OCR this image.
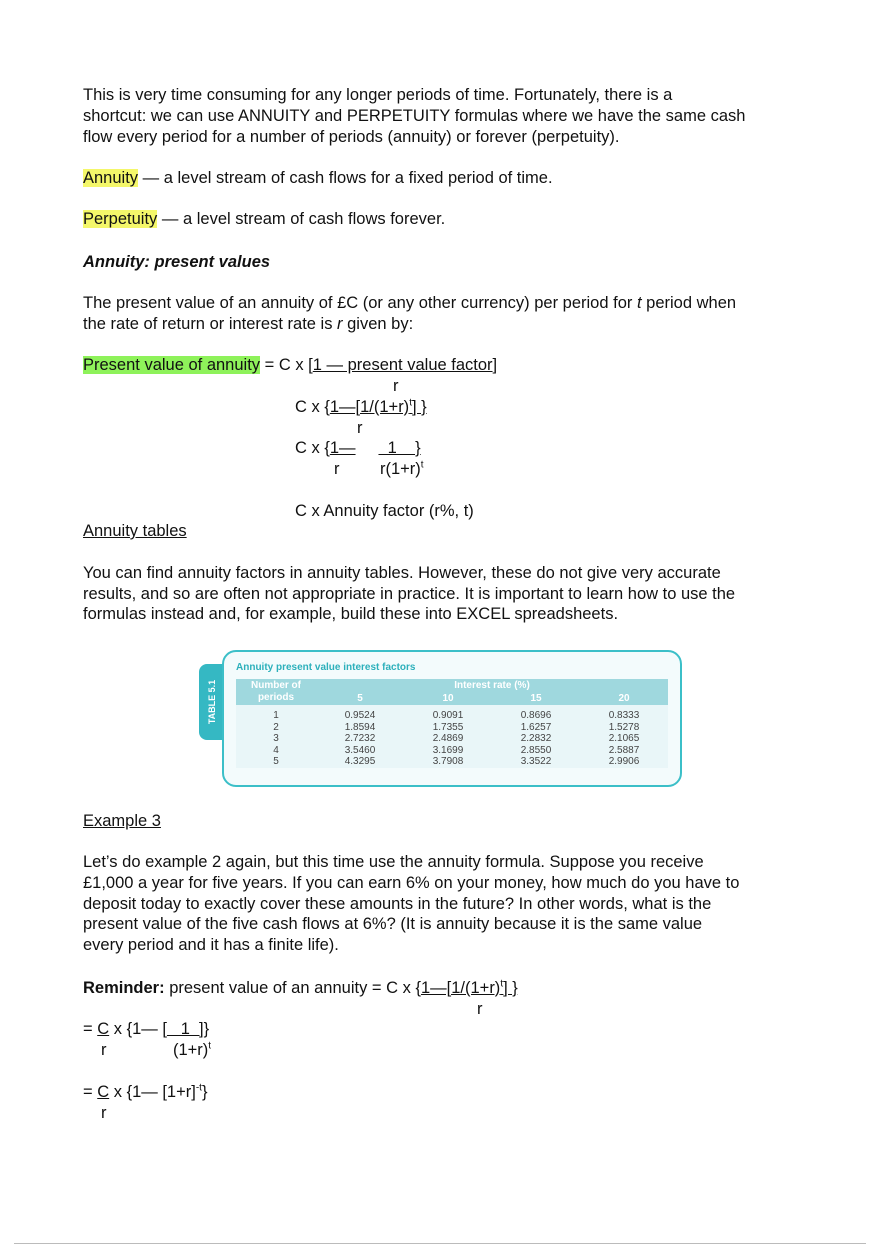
This is very time consuming for any longer periods of time. Fortunately, there is a
shortcut: we can use ANNUITY and PERPETUITY formulas where we have the same cash
flow every period for a number of periods (annuity) or forever (perpetuity).
Annuity — a level stream of cash flows for a fixed period of time.
Perpetuity — a level stream of cash flows forever.
Annuity: present values
The present value of an annuity of £C (or any other currency) per period for t period when
the rate of return or interest rate is r given by:
Present value of annuity = C x [1 — present value factor]
r
C x {$1—[1/(1+r)^t]$ }
r
C x {1—       1    }
r $r(1+r)^t$
C x Annuity factor (r%, t)
Annuity tables
You can find annuity factors in annuity tables. However, these do not give very accurate
results, and so are often not appropriate in practice. It is important to learn how to use the
formulas instead and, for example, build these into EXCEL spreadsheets.
TABLE 5.1
Annuity present value interest factors
Number of periods	Interest rate (%)			
	5	10	15	20
1	0.9524	0.9091	0.8696	0.8333
2	1.8594	1.7355	1.6257	1.5278
3	2.7232	2.4869	2.2832	2.1065
4	3.5460	3.1699	2.8550	2.5887
5	4.3295	3.7908	3.3522	2.9906
Example 3
Let’s do example 2 again, but this time use the annuity formula. Suppose you receive
£1,000 a year for five years. If you can earn 6% on your money, how much do you have to
deposit today to exactly cover these amounts in the future? In other words, what is the
present value of the five cash flows at 6%? (It is annuity because it is the same value
every period and it has a finite life).
Reminder: present value of an annuity = C x {$1—[1/(1+r)^t]$ }
r
= C x {1— [   1  ]}
r	$(1+r)^t$
= C x {1— $[1+r]^{-t}$}
r
